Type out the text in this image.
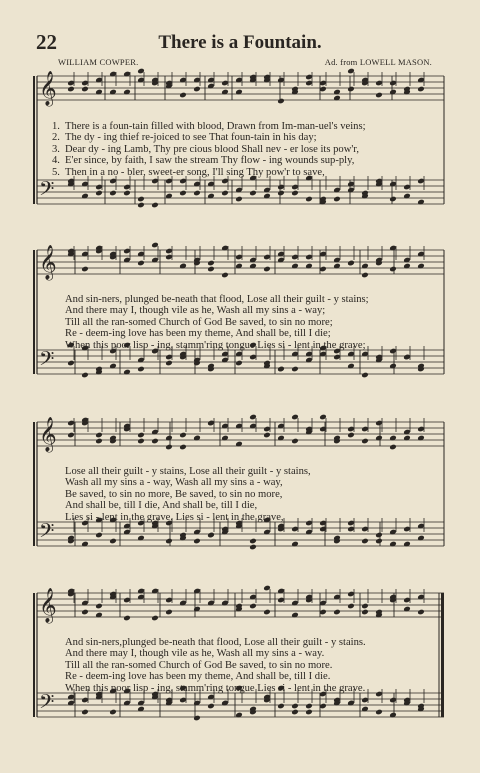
22	There is a Fountain.
WILLIAM COWPER.	Ad. from LOWELL MASON.
𝄞
𝄢
𝄞
𝄢
𝄞
𝄢
𝄞
𝄢
1. There is a foun-tain filled with blood, Drawn from Im-man-uel's veins;
2. The dy - ing thief re-joiced to see That foun-tain in his day;
3. Dear dy - ing Lamb, Thy pre cious blood Shall nev - er lose its pow'r,
4. E'er since, by faith, I saw the stream Thy flow - ing wounds sup-ply,
5. Then in a no - bler, sweet-er song, I'll sing Thy pow'r to save,
And sin-ners, plunged be-neath that flood, Lose all their guilt - y stains;
And there may I, though vile as he, Wash all my sins a - way;
Till all the ran-somed Church of God Be saved, to sin no more;
Re - deem-ing love has been my theme, And shall be, till I die;
When this poor lisp - ing, stamm'ring tongue Lies si - lent in the grave;
Lose all their guilt - y stains, Lose all their guilt - y stains,
Wash all my sins a - way, Wash all my sins a - way,
Be saved, to sin no more, Be saved, to sin no more,
And shall be, till I die, And shall be, till I die,
Lies si - lent in the grave, Lies si - lent in the grave,
And sin-ners,plunged be-neath that flood, Lose all their guilt - y stains.
And there may I, though vile as he, Wash all my sins a - way.
Till all the ran-somed Church of God Be saved, to sin no more.
Re - deem-ing love has been my theme, And shall be, till I die.
When this poor lisp - ing, stamm'ring tongue Lies si - lent in the grave.
